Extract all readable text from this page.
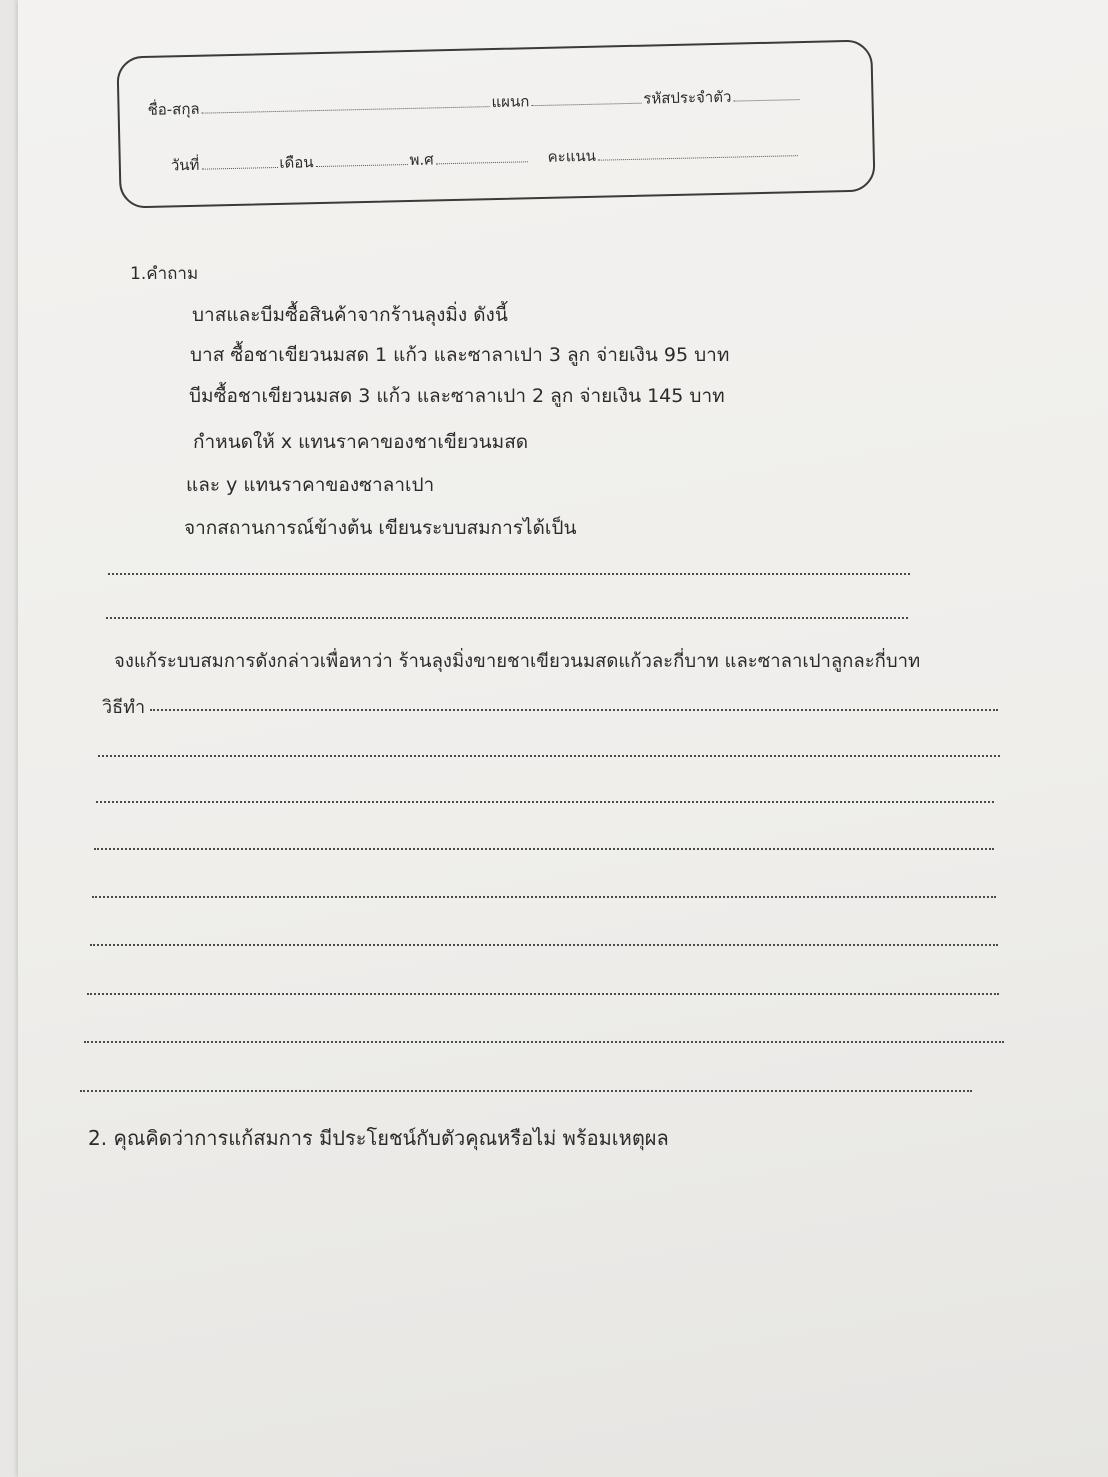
ชื่อ-สกุล	แผนก	รหัสประจำตัว
วันที่	เดือน	พ.ศ	คะแนน
1.คำถาม
บาสและบีมซื้อสินค้าจากร้านลุงมิ่ง ดังนี้
บาส ซื้อชาเขียวนมสด 1 แก้ว และซาลาเปา 3 ลูก จ่ายเงิน 95 บาท
บีมซื้อชาเขียวนมสด 3 แก้ว และซาลาเปา 2 ลูก จ่ายเงิน 145 บาท
กำหนดให้ x แทนราคาของชาเขียวนมสด
และ y แทนราคาของซาลาเปา
จากสถานการณ์ข้างต้น เขียนระบบสมการได้เป็น
จงแก้ระบบสมการดังกล่าวเพื่อหาว่า ร้านลุงมิ่งขายชาเขียวนมสดแก้วละกี่บาท และซาลาเปาลูกละกี่บาท
วิธีทำ
2. คุณคิดว่าการแก้สมการ มีประโยชน์กับตัวคุณหรือไม่ พร้อมเหตุผล
